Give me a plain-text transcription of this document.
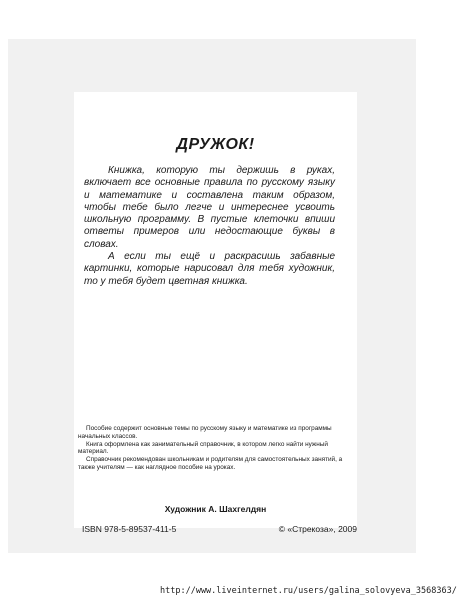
ДРУЖОК!

Книжка, которую ты держишь в руках, включает все основные правила по русскому языку и математике и составлена таким образом, чтобы тебе было легче и интереснее усвоить школьную программу. В пустые клеточки впиши ответы примеров или недостающие буквы в словах.

А если ты ещё и раскрасишь забавные картинки, которые нарисовал для тебя художник, то у тебя будет цветная книжка.

Пособие содержит основные темы по русскому языку и математике из программы начальных классов.

Книга оформлена как занимательный справочник, в котором легко найти нужный материал.

Справочник рекомендован школьникам и родителям для самостоятельных занятий, а также учителям — как наглядное пособие на уроках.

Художник А. Шахгелдян
ISBN 978-5-89537-411-5	© «Стрекоза», 2009
http://www.liveinternet.ru/users/galina_solovyeva_3568363/
